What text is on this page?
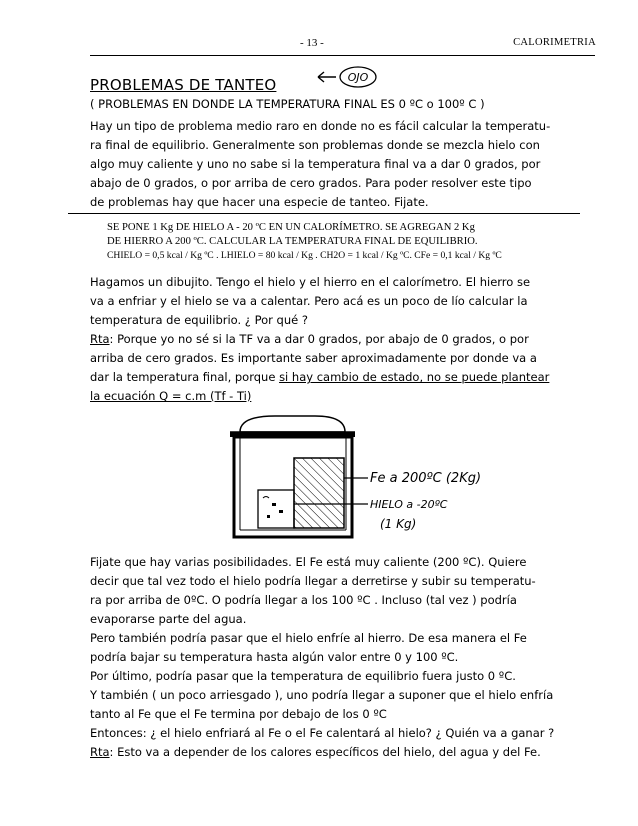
- 13 -	CALORIMETRIA
PROBLEMAS DE TANTEO	OJO
( PROBLEMAS EN DONDE LA TEMPERATURA FINAL ES 0 ºC o 100º C )

Hay un tipo de problema medio raro en donde no es fácil calcular la temperatu-
ra final de equilibrio. Generalmente son problemas donde se mezcla hielo con
algo muy caliente y uno no sabe si la temperatura final va a dar 0 grados, por
abajo de 0 grados, o por arriba de cero grados. Para poder resolver este tipo
de problemas hay que hacer una especie de tanteo. Fijate.

SE PONE 1 Kg DE HIELO A - 20 ºC EN UN CALORÍMETRO. SE AGREGAN 2 Kg
DE HIERRO A 200 ºC. CALCULAR LA TEMPERATURA FINAL DE EQUILIBRIO.
CHIELO = 0,5 kcal / Kg ºC . LHIELO = 80 kcal / Kg . CH2O = 1 kcal / Kg ºC. CFe = 0,1 kcal / Kg ºC

Hagamos un dibujito. Tengo el hielo y el hierro en el calorímetro. El hierro se
va a enfriar y el hielo se va a calentar. Pero acá es un poco de lío calcular la
temperatura de equilibrio. ¿ Por qué ?
Rta: Porque yo no sé si la TF va a dar 0 grados, por abajo de 0 grados, o por
arriba de cero grados. Es importante saber aproximadamente por donde va a
dar la temperatura final, porque si hay cambio de estado, no se puede plantear
la ecuación Q = c.m (Tf - Ti)

Fe a 200ºC (2Kg)
HIELO a -20ºC
(1 Kg)

Fijate que hay varias posibilidades. El Fe está muy caliente (200 ºC). Quiere
decir que tal vez todo el hielo podría llegar a derretirse y subir su temperatu-
ra por arriba de 0ºC. O podría llegar a los 100 ºC . Incluso (tal vez ) podría
evaporarse parte del agua.
Pero también podría pasar que el hielo enfríe al hierro. De esa manera el Fe
podría bajar su temperatura hasta algún valor entre 0 y 100 ºC.
Por último, podría pasar que la temperatura de equilibrio fuera justo 0 ºC.
Y también ( un poco arriesgado ), uno podría llegar a suponer que el hielo enfría
tanto al Fe que el Fe termina por debajo de los 0 ºC
Entonces: ¿ el hielo enfriará al Fe o el Fe calentará al hielo? ¿ Quién va a ganar ?
Rta: Esto va a depender de los calores específicos del hielo, del agua y del Fe.
